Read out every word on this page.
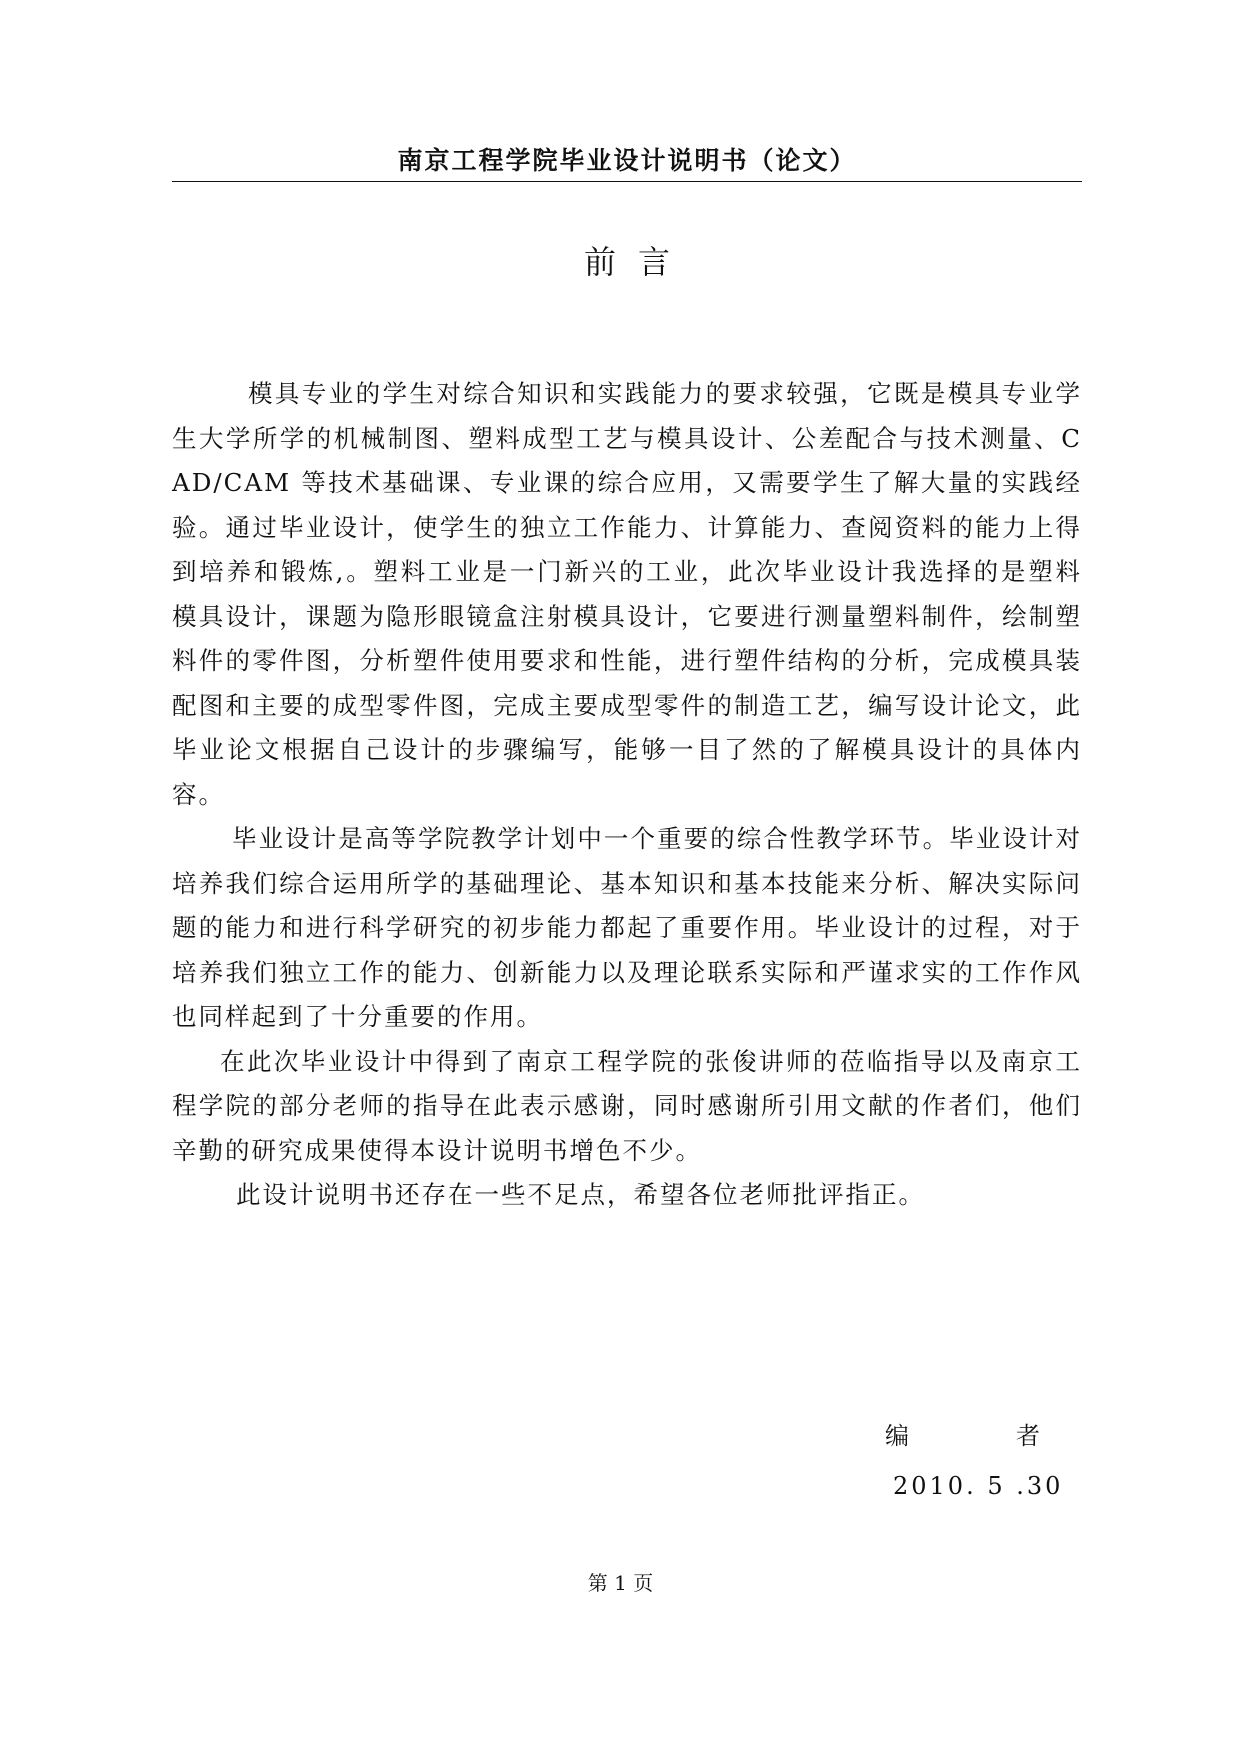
南京工程学院毕业设计说明书（论文）
前言

模具专业的学生对综合知识和实践能力的要求较强，它既是模具专业学生大学所学的机械制图、塑料成型工艺与模具设计、公差配合与技术测量、CAD/CAM 等技术基础课、专业课的综合应用，又需要学生了解大量的实践经验。通过毕业设计，使学生的独立工作能力、计算能力、查阅资料的能力上得到培养和锻炼,。塑料工业是一门新兴的工业，此次毕业设计我选择的是塑料模具设计，课题为隐形眼镜盒注射模具设计，它要进行测量塑料制件，绘制塑料件的零件图，分析塑件使用要求和性能，进行塑件结构的分析，完成模具装配图和主要的成型零件图，完成主要成型零件的制造工艺，编写设计论文，此毕业论文根据自己设计的步骤编写，能够一目了然的了解模具设计的具体内容。

毕业设计是高等学院教学计划中一个重要的综合性教学环节。毕业设计对培养我们综合运用所学的基础理论、基本知识和基本技能来分析、解决实际问题的能力和进行科学研究的初步能力都起了重要作用。毕业设计的过程，对于培养我们独立工作的能力、创新能力以及理论联系实际和严谨求实的工作作风也同样起到了十分重要的作用。

在此次毕业设计中得到了南京工程学院的张俊讲师的莅临指导以及南京工程学院的部分老师的指导在此表示感谢，同时感谢所引用文献的作者们，他们辛勤的研究成果使得本设计说明书增色不少。

此设计说明书还存在一些不足点，希望各位老师批评指正。

编	者
2010. 5 .30
第 1 页
